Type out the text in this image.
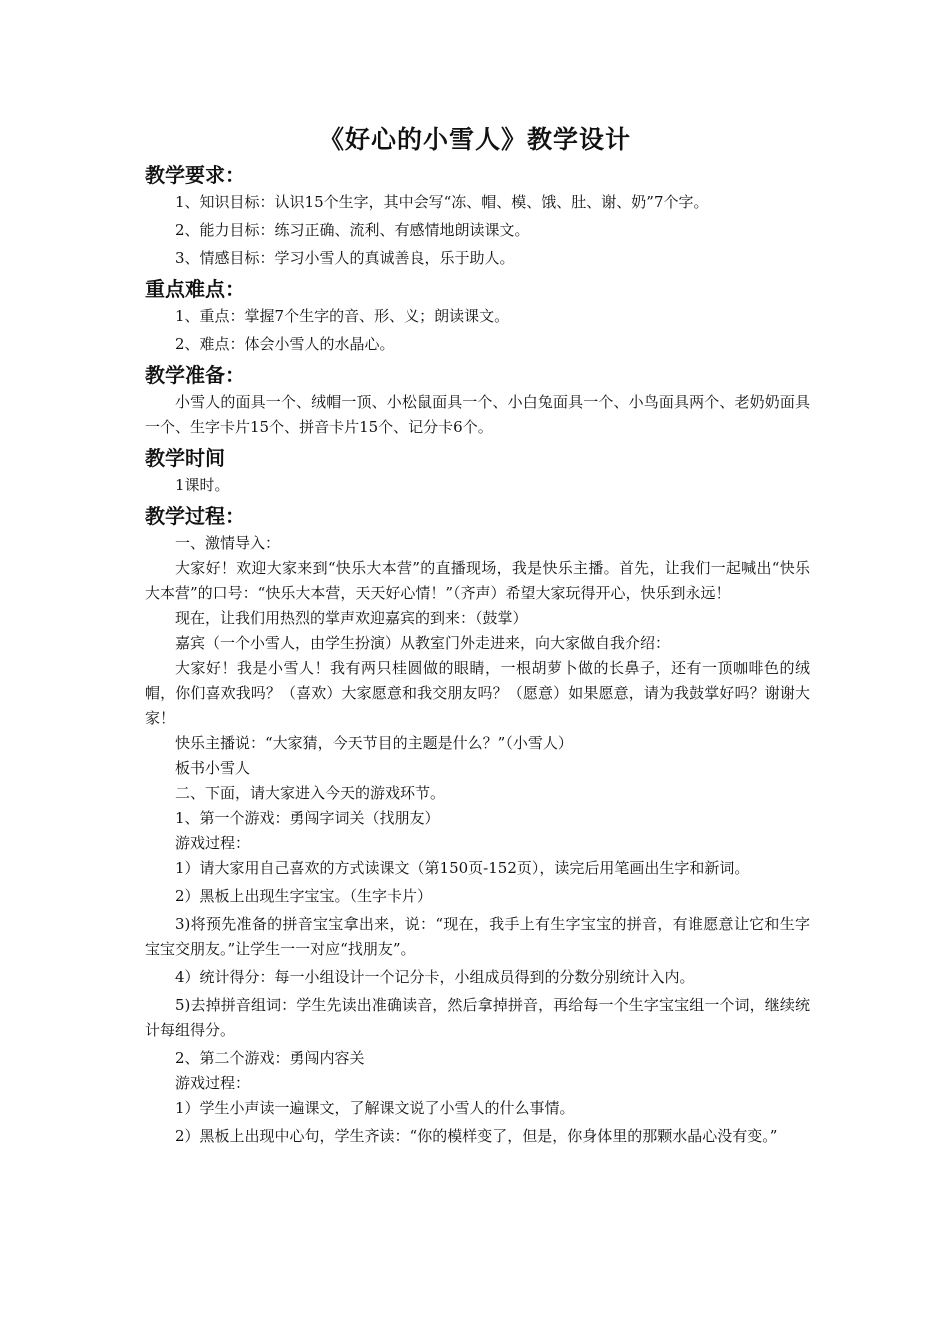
《好心的小雪人》教学设计
教学要求：
1、知识目标：认识15个生字，其中会写“冻、帽、模、饿、肚、谢、奶”7个字。
2、能力目标：练习正确、流利、有感情地朗读课文。
3、情感目标：学习小雪人的真诚善良，乐于助人。
重点难点：
1、重点：掌握7个生字的音、形、义；朗读课文。
2、难点：体会小雪人的水晶心。
教学准备：
小雪人的面具一个、绒帽一顶、小松鼠面具一个、小白兔面具一个、小鸟面具两个、老奶奶面具一个、生字卡片15个、拼音卡片15个、记分卡6个。
教学时间
1课时。
教学过程：
一、激情导入：
大家好！欢迎大家来到“快乐大本营”的直播现场，我是快乐主播。首先，让我们一起喊出“快乐大本营”的口号：“快乐大本营，天天好心情！”（齐声）希望大家玩得开心，快乐到永远！
现在，让我们用热烈的掌声欢迎嘉宾的到来：（鼓掌）
嘉宾（一个小雪人，由学生扮演）从教室门外走进来，向大家做自我介绍：
大家好！我是小雪人！我有两只桂圆做的眼睛，一根胡萝卜做的长鼻子，还有一顶咖啡色的绒帽，你们喜欢我吗？（喜欢）大家愿意和我交朋友吗？（愿意）如果愿意，请为我鼓掌好吗？谢谢大家！
快乐主播说：“大家猜，今天节目的主题是什么？”（小雪人）
板书小雪人
二、下面，请大家进入今天的游戏环节。
1、第一个游戏：勇闯字词关（找朋友）
游戏过程：
1）请大家用自己喜欢的方式读课文（第150页-152页），读完后用笔画出生字和新词。
2）黑板上出现生字宝宝。（生字卡片）
3)将预先准备的拼音宝宝拿出来，说：“现在，我手上有生字宝宝的拼音，有谁愿意让它和生字宝宝交朋友。”让学生一一对应“找朋友”。
4）统计得分：每一小组设计一个记分卡，小组成员得到的分数分别统计入内。
5)去掉拼音组词：学生先读出准确读音，然后拿掉拼音，再给每一个生字宝宝组一个词，继续统计每组得分。
2、第二个游戏：勇闯内容关
游戏过程：
1）学生小声读一遍课文，了解课文说了小雪人的什么事情。
2）黑板上出现中心句，学生齐读：“你的模样变了，但是，你身体里的那颗水晶心没有变。”
